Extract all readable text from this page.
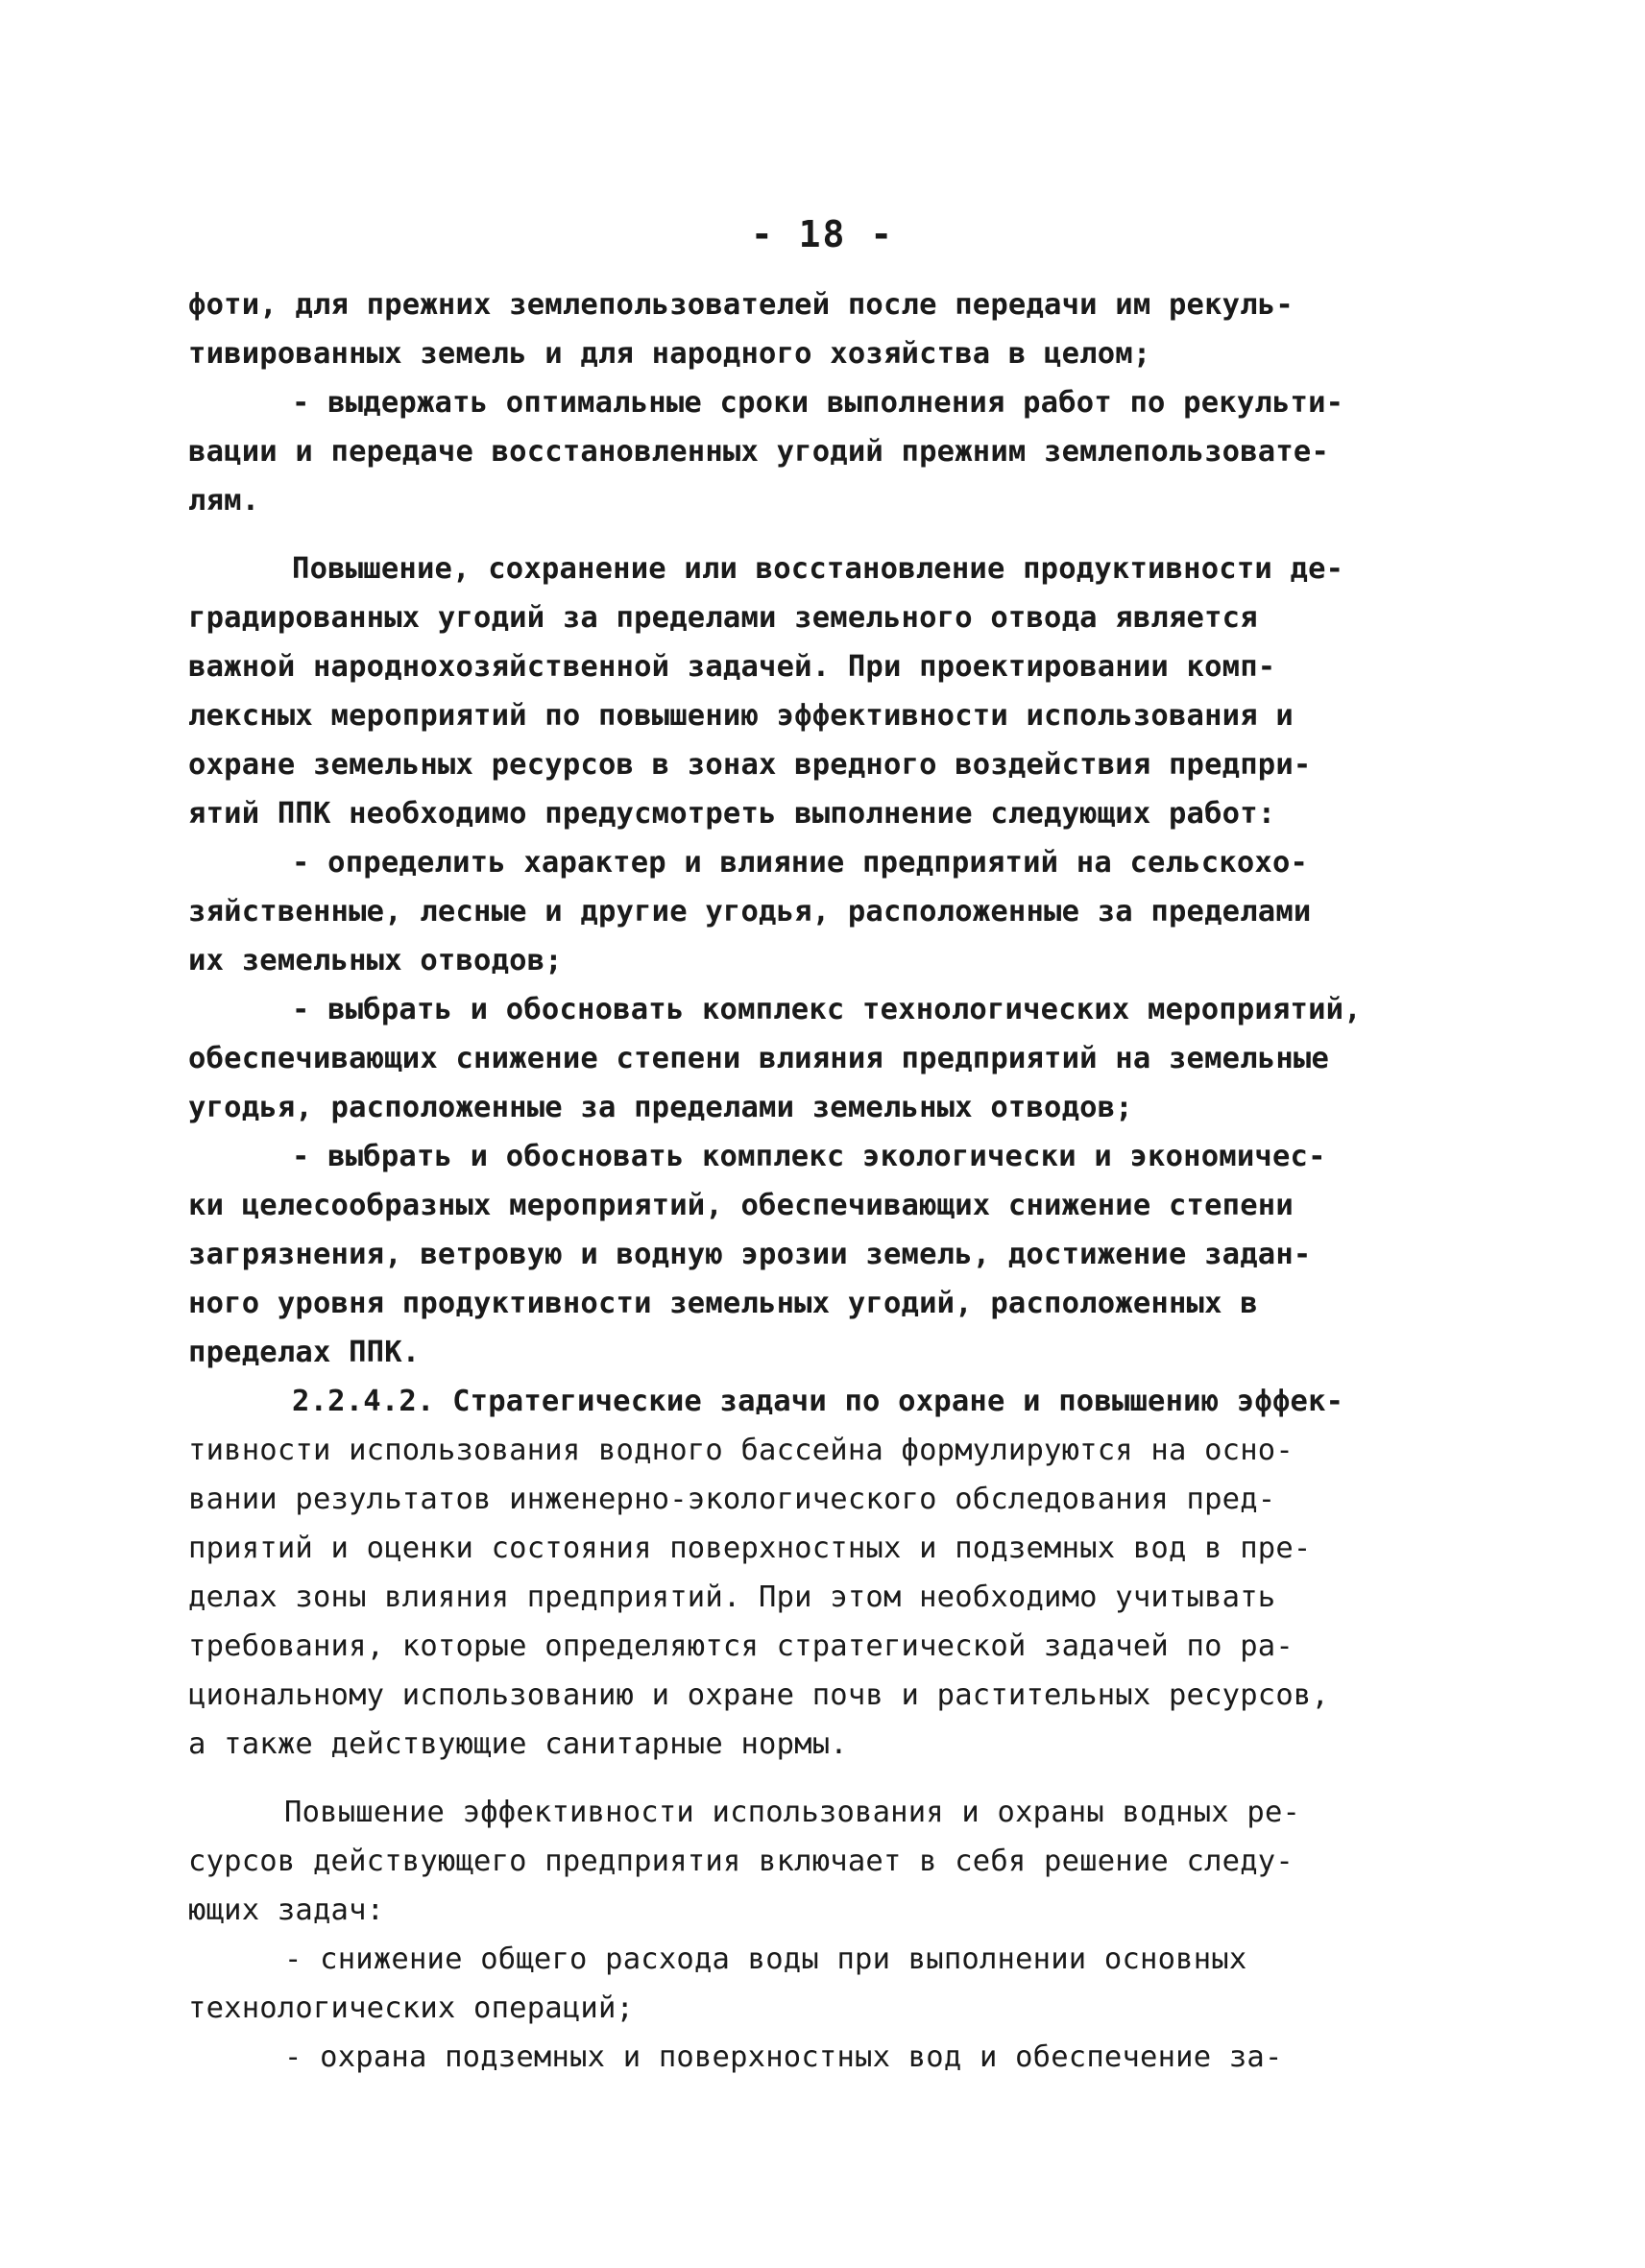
- 18 -
фоти, для прежних землепользователей после передачи им рекуль-
тивированных земель и для народного хозяйства в целом;
- выдержать оптимальные сроки выполнения работ по рекульти-
вации и передаче восстановленных угодий прежним землепользовате-
лям.
Повышение, сохранение или восстановление продуктивности де-
градированных угодий за пределами земельного отвода является
важной народнохозяйственной задачей. При проектировании комп-
лексных мероприятий по повышению эффективности использования и
охране земельных ресурсов в зонах вредного воздействия предпри-
ятий ППК необходимо предусмотреть выполнение следующих работ:
- определить характер и влияние предприятий на сельскохо-
зяйственные, лесные и другие угодья, расположенные за пределами
их земельных отводов;
- выбрать и обосновать комплекс технологических мероприятий,
обеспечивающих снижение степени влияния предприятий на земельные
угодья, расположенные за пределами земельных отводов;
- выбрать и обосновать комплекс экологически и экономичес-
ки целесообразных мероприятий, обеспечивающих снижение степени
загрязнения, ветровую и водную эрозии земель, достижение задан-
ного уровня продуктивности земельных угодий, расположенных в
пределах ППК.
2.2.4.2. Стратегические задачи по охране и повышению эффек-
тивности использования водного бассейна формулируются на осно-
вании результатов инженерно-экологического обследования пред-
приятий и оценки состояния поверхностных и подземных вод в пре-
делах зоны влияния предприятий. При этом необходимо учитывать
требования, которые определяются стратегической задачей по ра-
циональному использованию и охране почв и растительных ресурсов,
а также действующие санитарные нормы.
Повышение эффективности использования и охраны водных ре-
сурсов действующего предприятия включает в себя решение следу-
ющих задач:
- снижение общего расхода воды при выполнении основных
технологических операций;
- охрана подземных и поверхностных вод и обеспечение за-
